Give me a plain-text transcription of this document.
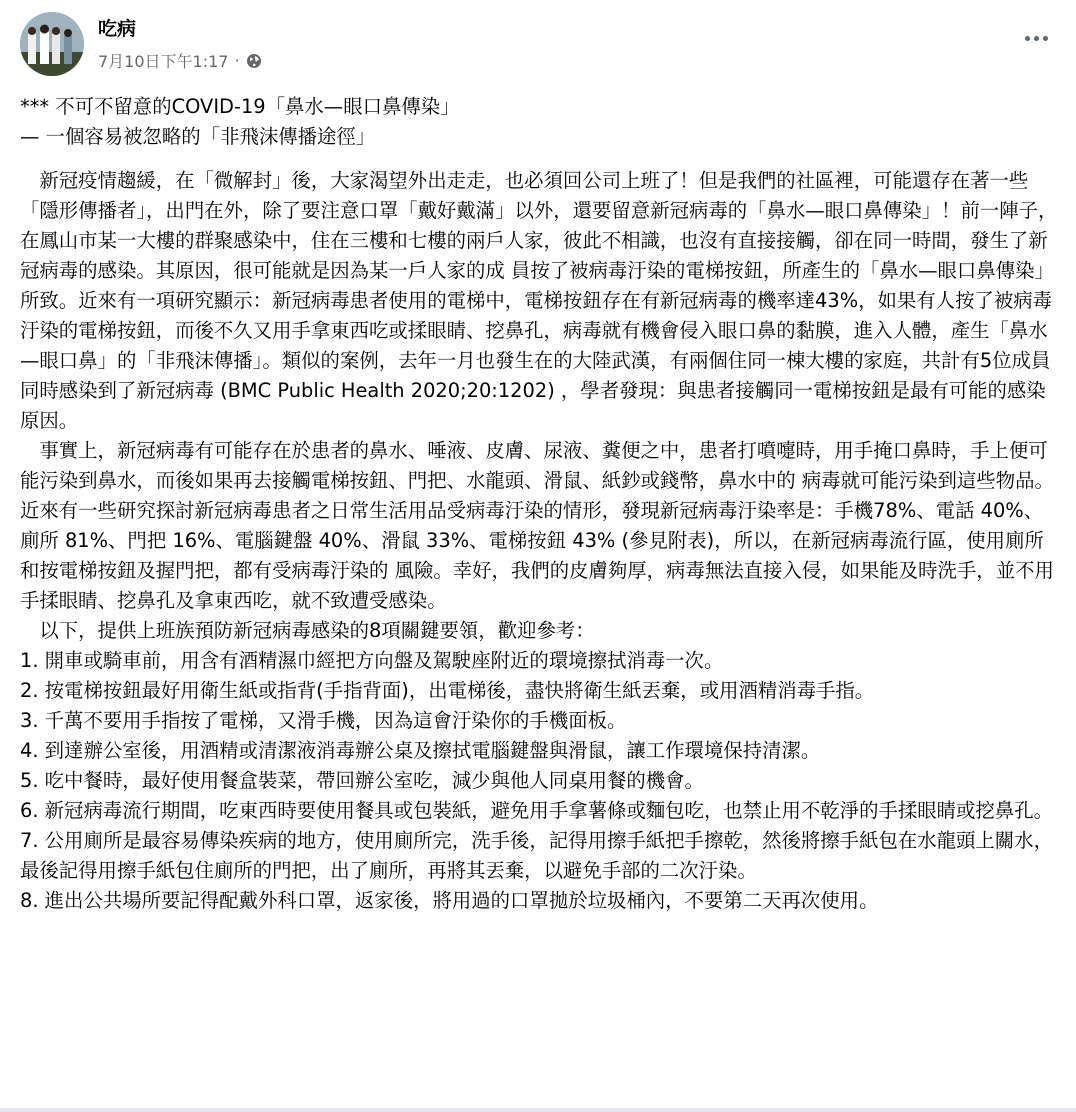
吃病
7月10日下午1:17 ·

*** 不可不留意的COVID-19「鼻水—眼口鼻傳染」

— 一個容易被忽略的「非飛沫傳播途徑」

　新冠疫情趨緩，在「微解封」後，大家渴望外出走走，也必須回公司上班了！但是我們的社區裡，可能還存在著一些「隱形傳播者」，出門在外，除了要注意口罩「戴好戴滿」以外，還要留意新冠病毒的「鼻水—眼口鼻傳染」！前一陣子，在鳳山市某一大樓的群聚感染中，住在三樓和七樓的兩戶人家，彼此不相識，也沒有直接接觸，卻在同一時間，發生了新冠病毒的感染。其原因，很可能就是因為某一戶人家的成 員按了被病毒汙染的電梯按鈕，所產生的「鼻水—眼口鼻傳染」所致。近來有一項研究顯示：新冠病毒患者使用的電梯中，電梯按鈕存在有新冠病毒的機率達43%，如果有人按了被病毒汙染的電梯按鈕，而後不久又用手拿東西吃或揉眼睛、挖鼻孔，病毒就有機會侵入眼口鼻的黏膜，進入人體，產生「鼻水—眼口鼻」的「非飛沫傳播」。類似的案例，去年一月也發生在的大陸武漢，有兩個住同一棟大樓的家庭，共計有5位成員同時感染到了新冠病毒 (BMC Public Health 2020;20:1202) ，學者發現：與患者接觸同一電梯按鈕是最有可能的感染原因。

　事實上，新冠病毒有可能存在於患者的鼻水、唾液、皮膚、尿液、糞便之中，患者打噴嚏時，用手掩口鼻時，手上便可能污染到鼻水，而後如果再去接觸電梯按鈕、門把、水龍頭、滑鼠、紙鈔或錢幣，鼻水中的 病毒就可能污染到這些物品。近來有一些研究探討新冠病毒患者之日常生活用品受病毒汙染的情形，發現新冠病毒汙染率是：手機78%、電話 40%、廁所 81%、門把 16%、電腦鍵盤 40%、滑鼠 33%、電梯按鈕 43% (參見附表)，所以，在新冠病毒流行區，使用廁所和按電梯按鈕及握門把，都有受病毒汙染的 風險。幸好，我們的皮膚夠厚，病毒無法直接入侵，如果能及時洗手，並不用手揉眼睛、挖鼻孔及拿東西吃，就不致遭受感染。

　以下，提供上班族預防新冠病毒感染的8項關鍵要領，歡迎參考：

1. 開車或騎車前，用含有酒精濕巾經把方向盤及駕駛座附近的環境擦拭消毒一次。

2. 按電梯按鈕最好用衛生紙或指背(手指背面)，出電梯後，盡快將衛生紙丟棄，或用酒精消毒手指。

3. 千萬不要用手指按了電梯，又滑手機，因為這會汙染你的手機面板。

4. 到達辦公室後，用酒精或清潔液消毒辦公桌及擦拭電腦鍵盤與滑鼠，讓工作環境保持清潔。

5. 吃中餐時，最好使用餐盒裝菜，帶回辦公室吃，減少與他人同桌用餐的機會。

6. 新冠病毒流行期間，吃東西時要使用餐具或包裝紙，避免用手拿薯條或麵包吃，也禁止用不乾淨的手揉眼睛或挖鼻孔。

7. 公用廁所是最容易傳染疾病的地方，使用廁所完，洗手後，記得用擦手紙把手擦乾，然後將擦手紙包在水龍頭上關水，最後記得用擦手紙包住廁所的門把，出了廁所，再將其丟棄，以避免手部的二次汙染。

8. 進出公共場所要記得配戴外科口罩，返家後，將用過的口罩拋於垃圾桶內，不要第二天再次使用。
